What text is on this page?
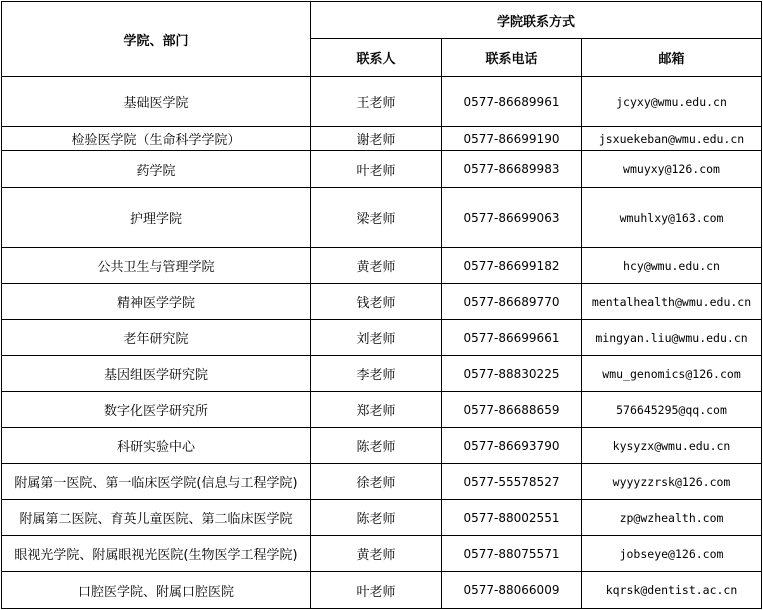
学院、部门	学院联系方式		
	联系人	联系电话	邮箱
基础医学院	王老师	0577-86689961	jcyxy@wmu.edu.cn
检验医学院（生命科学学院）	谢老师	0577-86699190	jsxuekeban@wmu.edu.cn
药学院	叶老师	0577-86689983	wmuyxy@126.com
护理学院	梁老师	0577-86699063	wmuhlxy@163.com
公共卫生与管理学院	黄老师	0577-86699182	hcy@wmu.edu.cn
精神医学学院	钱老师	0577-86689770	mentalhealth@wmu.edu.cn
老年研究院	刘老师	0577-86699661	mingyan.liu@wmu.edu.cn
基因组医学研究院	李老师	0577-88830225	wmu_genomics@126.com
数字化医学研究所	郑老师	0577-86688659	576645295@qq.com
科研实验中心	陈老师	0577-86693790	kysyzx@wmu.edu.cn
附属第一医院、第一临床医学院(信息与工程学院)	徐老师	0577-55578527	wyyyzzrsk@126.com
附属第二医院、育英儿童医院、第二临床医学院	陈老师	0577-88002551	zp@wzhealth.com
眼视光学院、附属眼视光医院(生物医学工程学院)	黄老师	0577-88075571	jobseye@126.com
口腔医学院、附属口腔医院	叶老师	0577-88066009	kqrsk@dentist.ac.cn
